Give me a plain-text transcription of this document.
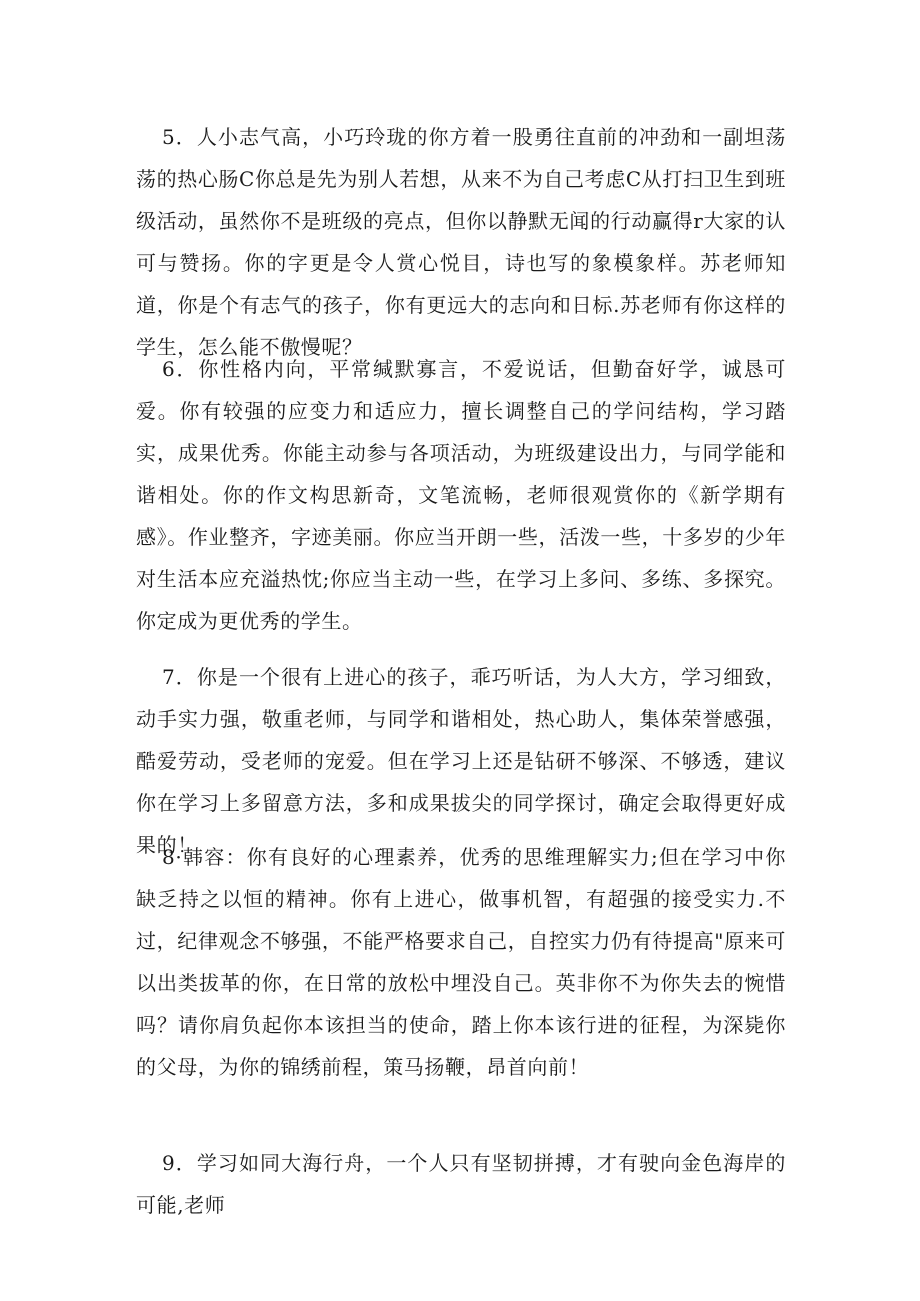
5．人小志气高，小巧玲珑的你方着一股勇往直前的冲劲和一副坦荡荡的热心肠C你总是先为别人若想，从来不为自己考虑C从打扫卫生到班级活动，虽然你不是班级的亮点，但你以静默无闻的行动赢得r大家的认可与赞扬。你的字更是令人赏心悦目，诗也写的象模象样。苏老师知道，你是个有志气的孩子，你有更远大的志向和日标.苏老师有你这样的学生，怎么能不傲慢呢？

6．你性格内向，平常缄默寡言，不爱说话，但勤奋好学，诚恳可爱。你有较强的应变力和适应力，擅长调整自己的学问结构，学习踏实，成果优秀。你能主动参与各项活动，为班级建设出力，与同学能和谐相处。你的作文构思新奇，文笔流畅，老师很观赏你的《新学期有感》。作业整齐，字迹美丽。你应当开朗一些，活泼一些，十多岁的少年对生活本应充溢热忱;你应当主动一些，在学习上多问、多练、多探究。你定成为更优秀的学生。

7．你是一个很有上进心的孩子，乖巧听话，为人大方，学习细致，动手实力强，敬重老师，与同学和谐相处，热心助人，集体荣誉感强，酷爱劳动，受老师的宠爱。但在学习上还是钻研不够深、不够透，建议你在学习上多留意方法，多和成果拔尖的同学探讨，确定会取得更好成果的！

8·韩容：你有良好的心理素养，优秀的思维理解实力;但在学习中你缺乏持之以恒的精神。你有上进心，做事机智，有超强的接受实力.不过，纪律观念不够强，不能严格要求自己，自控实力仍有待提高"原来可以出类拔革的你，在日常的放松中埋没自己。英非你不为你失去的惋惜吗？请你肩负起你本该担当的使命，踏上你本该行进的征程，为深毙你的父母，为你的锦绣前程，策马扬鞭，昂首向前！

9．学习如同大海行舟，一个人只有坚韧拼搏，才有驶向金色海岸的可能,老师
